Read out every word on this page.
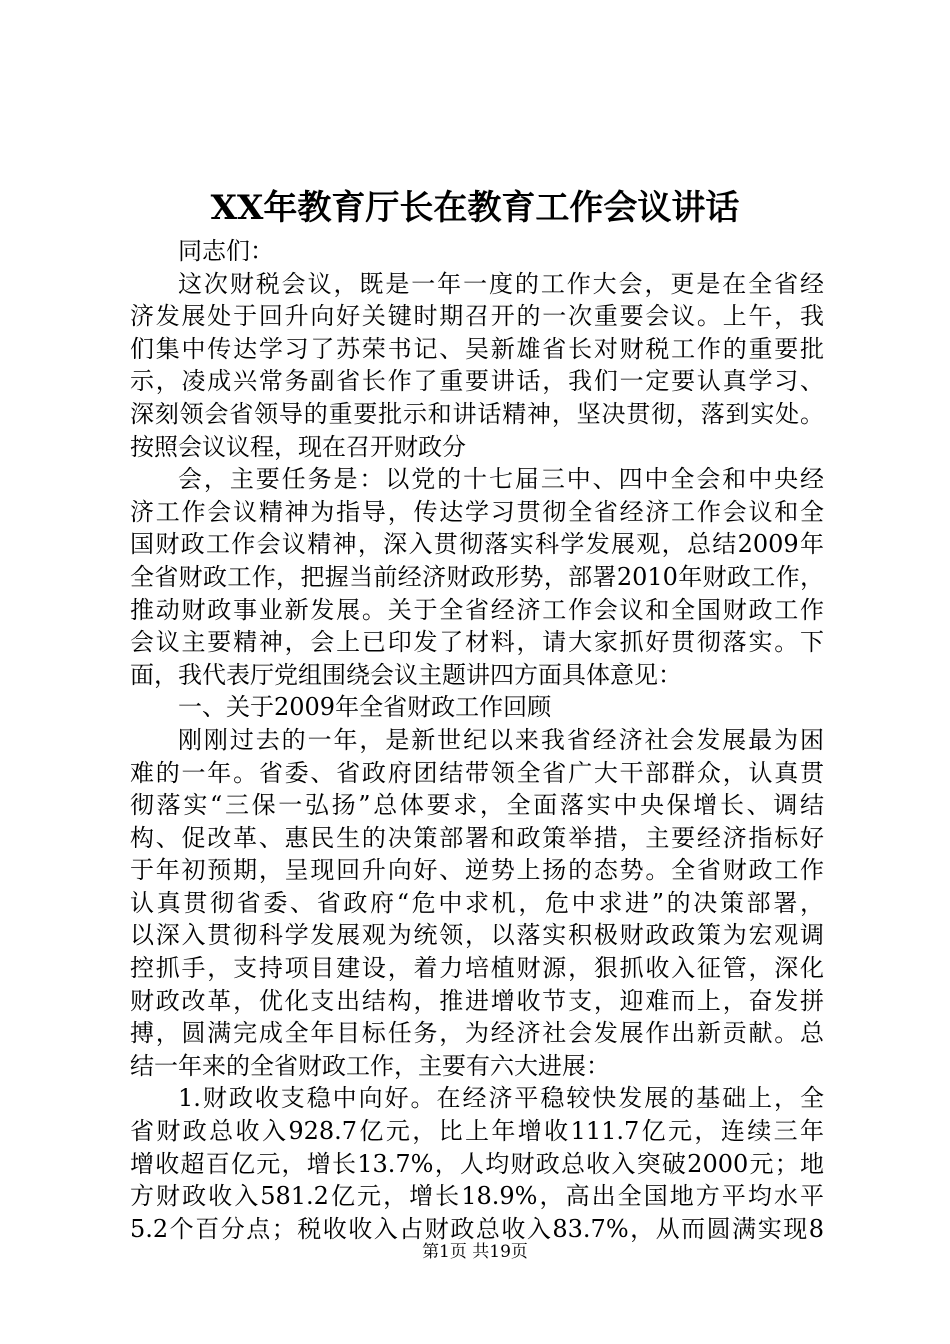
XX年教育厅长在教育工作会议讲话
同志们：
这次财税会议，既是一年一度的工作大会，更是在全省经
济发展处于回升向好关键时期召开的一次重要会议。上午，我
们集中传达学习了苏荣书记、吴新雄省长对财税工作的重要批
示，凌成兴常务副省长作了重要讲话，我们一定要认真学习、
深刻领会省领导的重要批示和讲话精神，坚决贯彻，落到实处。
按照会议议程，现在召开财政分
会，主要任务是：以党的十七届三中、四中全会和中央经
济工作会议精神为指导，传达学习贯彻全省经济工作会议和全
国财政工作会议精神，深入贯彻落实科学发展观，总结2009年
全省财政工作，把握当前经济财政形势，部署2010年财政工作，
推动财政事业新发展。关于全省经济工作会议和全国财政工作
会议主要精神，会上已印发了材料，请大家抓好贯彻落实。下
面，我代表厅党组围绕会议主题讲四方面具体意见：
一、关于2009年全省财政工作回顾
刚刚过去的一年，是新世纪以来我省经济社会发展最为困
难的一年。省委、省政府团结带领全省广大干部群众，认真贯
彻落实“三保一弘扬”总体要求，全面落实中央保增长、调结
构、促改革、惠民生的决策部署和政策举措，主要经济指标好
于年初预期，呈现回升向好、逆势上扬的态势。全省财政工作
认真贯彻省委、省政府“危中求机，危中求进”的决策部署，
以深入贯彻科学发展观为统领，以落实积极财政政策为宏观调
控抓手，支持项目建设，着力培植财源，狠抓收入征管，深化
财政改革，优化支出结构，推进增收节支，迎难而上，奋发拼
搏，圆满完成全年目标任务，为经济社会发展作出新贡献。总
结一年来的全省财政工作，主要有六大进展：
1.财政收支稳中向好。在经济平稳较快发展的基础上，全
省财政总收入928.7亿元，比上年增收111.7亿元，连续三年
增收超百亿元，增长13.7%，人均财政总收入突破2000元；地
方财政收入581.2亿元，增长18.9%，高出全国地方平均水平
5.2个百分点；税收收入占财政总收入83.7%，从而圆满实现8
第1页 共19页
